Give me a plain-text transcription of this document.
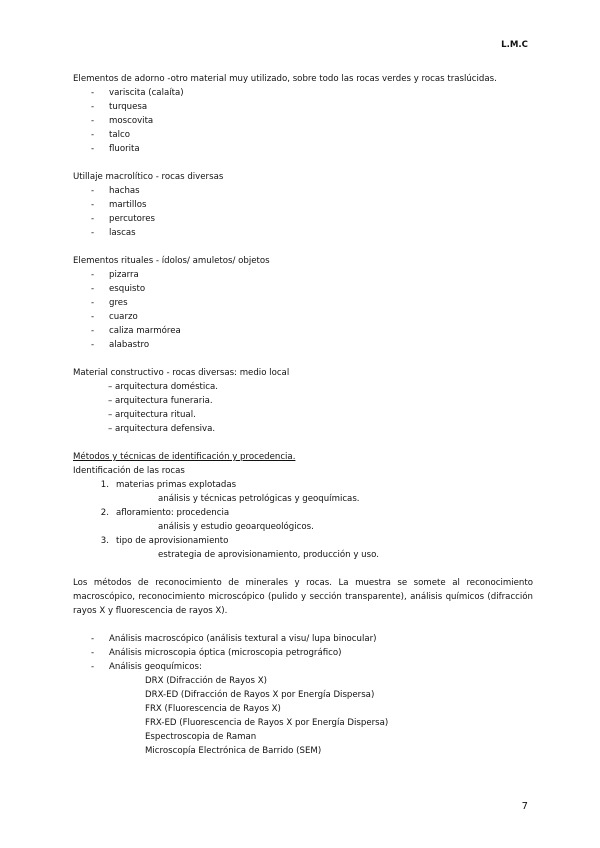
L.M.C

Elementos de adorno -otro material muy utilizado, sobre todo las rocas verdes y rocas traslúcidas.

- variscita (calaíta)
- turquesa
- moscovita
- talco
- fluorita

Utillaje macrolítico - rocas diversas

- hachas
- martillos
- percutores
- lascas

Elementos rituales - ídolos/ amuletos/ objetos

- pizarra
- esquisto
- gres
- cuarzo
- caliza marmórea
- alabastro

Material constructivo - rocas diversas: medio local

– arquitectura doméstica.

– arquitectura funeraria.

– arquitectura ritual.

– arquitectura defensiva.

Métodos y técnicas de identificación y procedencia.

Identificación de las rocas

1. materias primas explotadas

análisis y técnicas petrológicas y geoquímicas.

2. afloramiento: procedencia

análisis y estudio geoarqueológicos.

3. tipo de aprovisionamiento

estrategia de aprovisionamiento, producción y uso.

Los métodos de reconocimiento de minerales y rocas. La muestra se somete al reconocimiento macroscópico, reconocimiento microscópico (pulido y sección transparente), análisis químicos (difracción rayos X y fluorescencia de rayos X).

- Análisis macroscópico (análisis textural a visu/ lupa binocular)
- Análisis microscopia óptica (microscopia petrográfico)
- Análisis geoquímicos:

DRX (Difracción de Rayos X)

DRX-ED (Difracción de Rayos X por Energía Dispersa)

FRX (Fluorescencia de Rayos X)

FRX-ED (Fluorescencia de Rayos X por Energía Dispersa)

Espectroscopia de Raman

Microscopía Electrónica de Barrido (SEM)

7
